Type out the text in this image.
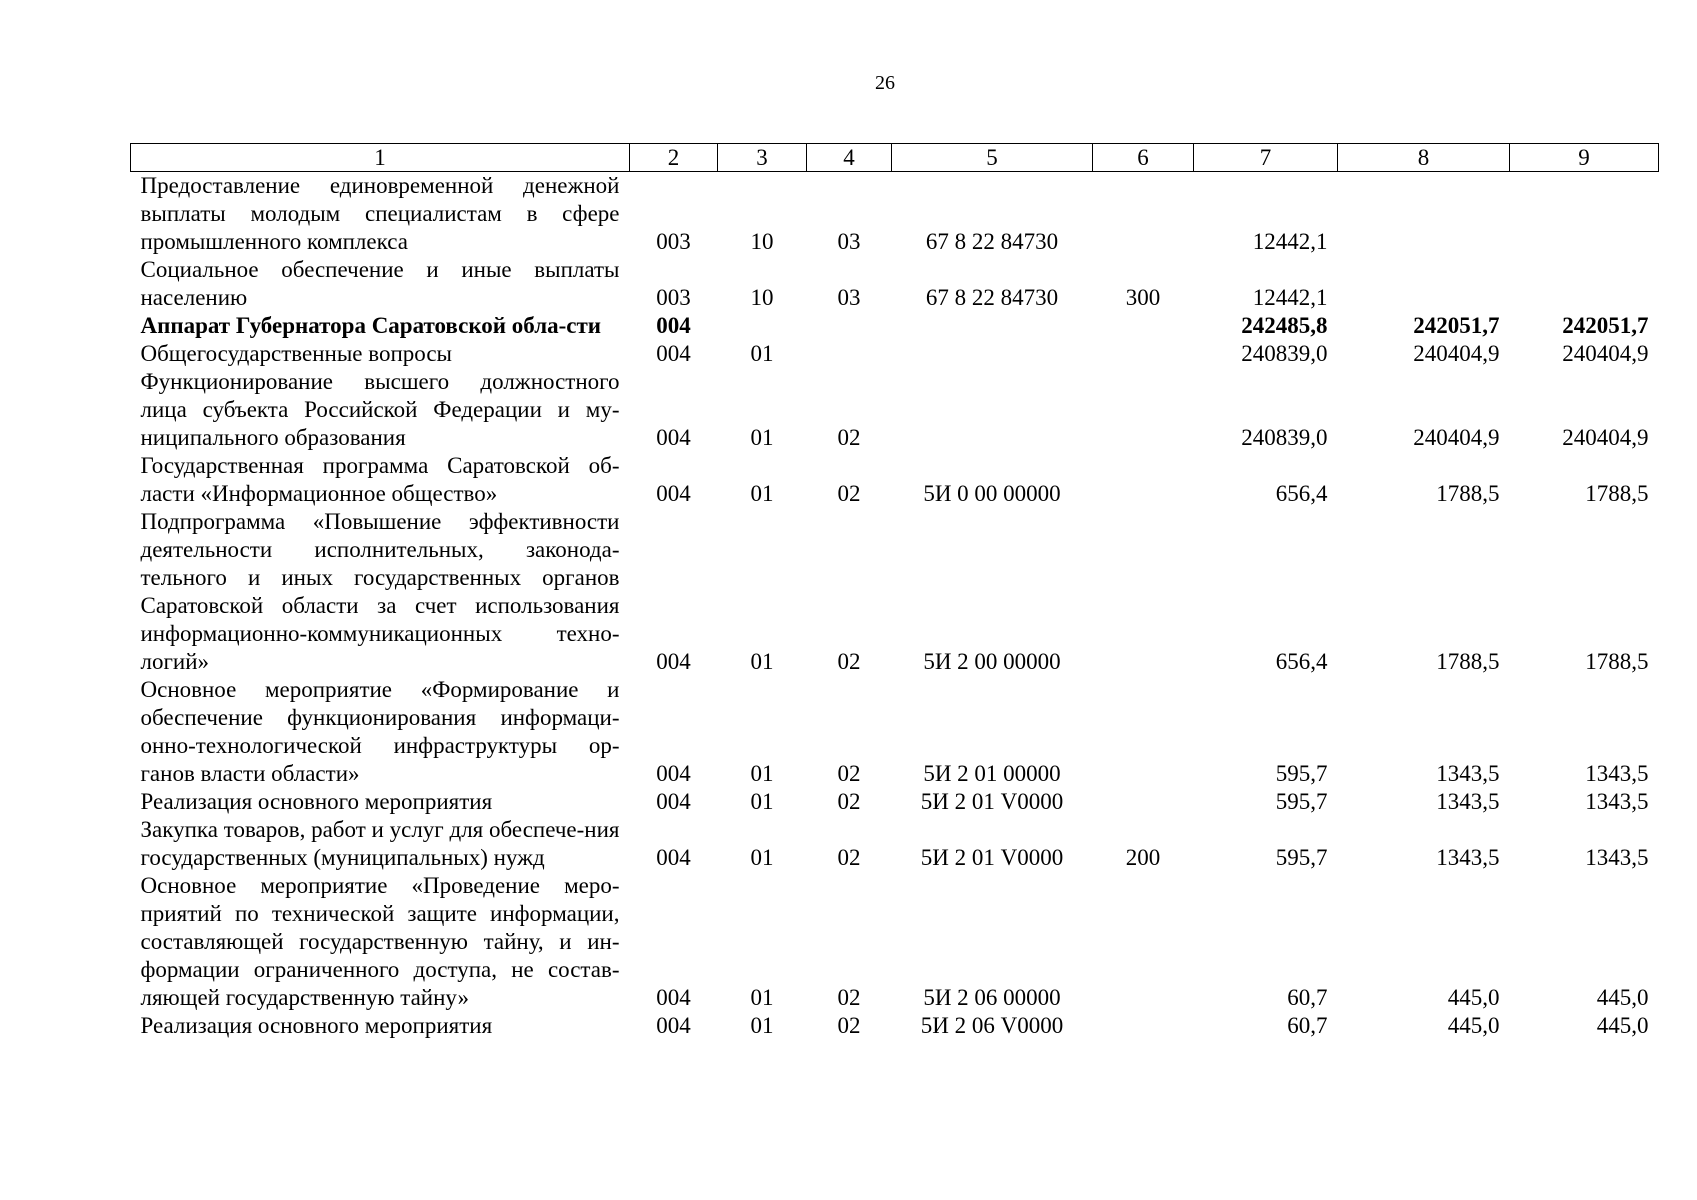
26
1	2	3	4	5	6	7	8	9
Предоставление единовременной денежной выплаты молодым специалистам в сфере промышленного комплекса	003	10	03	67 8 22 84730		12442,1		
Социальное обеспечение и иные выплаты населению	003	10	03	67 8 22 84730	300	12442,1		
Аппарат Губернатора Саратовской обла-сти	004					242485,8	242051,7	242051,7
Общегосударственные вопросы	004	01				240839,0	240404,9	240404,9
Функционирование высшего должностного лица субъекта Российской Федерации и му-ниципального образования	004	01	02			240839,0	240404,9	240404,9
Государственная программа Саратовской об-ласти «Информационное общество»	004	01	02	5И 0 00 00000		656,4	1788,5	1788,5
Подпрограмма «Повышение эффективности деятельности исполнительных, законода-тельного и иных государственных органов Саратовской области за счет использования информационно-коммуникационных техно-логий»	004	01	02	5И 2 00 00000		656,4	1788,5	1788,5
Основное мероприятие «Формирование и обеспечение функционирования информаци-онно-технологической инфраструктуры ор-ганов власти области»	004	01	02	5И 2 01 00000		595,7	1343,5	1343,5
Реализация основного мероприятия	004	01	02	5И 2 01 V0000		595,7	1343,5	1343,5
Закупка товаров, работ и услуг для обеспече-ния государственных (муниципальных) нужд	004	01	02	5И 2 01 V0000	200	595,7	1343,5	1343,5
Основное мероприятие «Проведение меро-приятий по технической защите информации, составляющей государственную тайну, и ин-формации ограниченного доступа, не состав-ляющей государственную тайну»	004	01	02	5И 2 06 00000		60,7	445,0	445,0
Реализация основного мероприятия	004	01	02	5И 2 06 V0000		60,7	445,0	445,0
